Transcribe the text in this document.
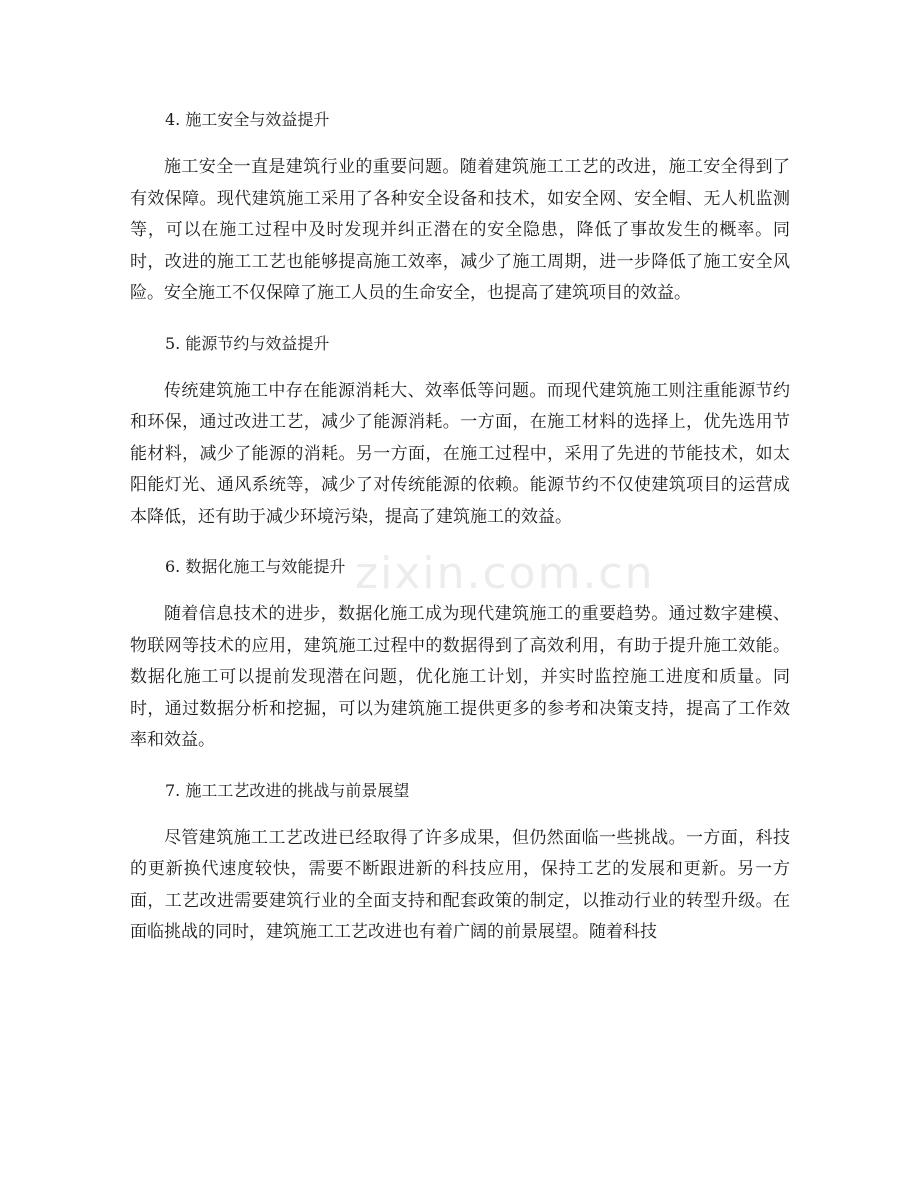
4. 施工安全与效益提升

施工安全一直是建筑行业的重要问题。随着建筑施工工艺的改进，施工安全得到了有效保障。现代建筑施工采用了各种安全设备和技术，如安全网、安全帽、无人机监测等，可以在施工过程中及时发现并纠正潜在的安全隐患，降低了事故发生的概率。同时，改进的施工工艺也能够提高施工效率，减少了施工周期，进一步降低了施工安全风险。安全施工不仅保障了施工人员的生命安全，也提高了建筑项目的效益。

5. 能源节约与效益提升

传统建筑施工中存在能源消耗大、效率低等问题。而现代建筑施工则注重能源节约和环保，通过改进工艺，减少了能源消耗。一方面，在施工材料的选择上，优先选用节能材料，减少了能源的消耗。另一方面，在施工过程中，采用了先进的节能技术，如太阳能灯光、通风系统等，减少了对传统能源的依赖。能源节约不仅使建筑项目的运营成本降低，还有助于减少环境污染，提高了建筑施工的效益。

6. 数据化施工与效能提升

随着信息技术的进步，数据化施工成为现代建筑施工的重要趋势。通过数字建模、物联网等技术的应用，建筑施工过程中的数据得到了高效利用，有助于提升施工效能。数据化施工可以提前发现潜在问题，优化施工计划，并实时监控施工进度和质量。同时，通过数据分析和挖掘，可以为建筑施工提供更多的参考和决策支持，提高了工作效率和效益。

7. 施工工艺改进的挑战与前景展望

尽管建筑施工工艺改进已经取得了许多成果，但仍然面临一些挑战。一方面，科技的更新换代速度较快，需要不断跟进新的科技应用，保持工艺的发展和更新。另一方面，工艺改进需要建筑行业的全面支持和配套政策的制定，以推动行业的转型升级。在面临挑战的同时，建筑施工工艺改进也有着广阔的前景展望。随着科技

zixin.com.cn
